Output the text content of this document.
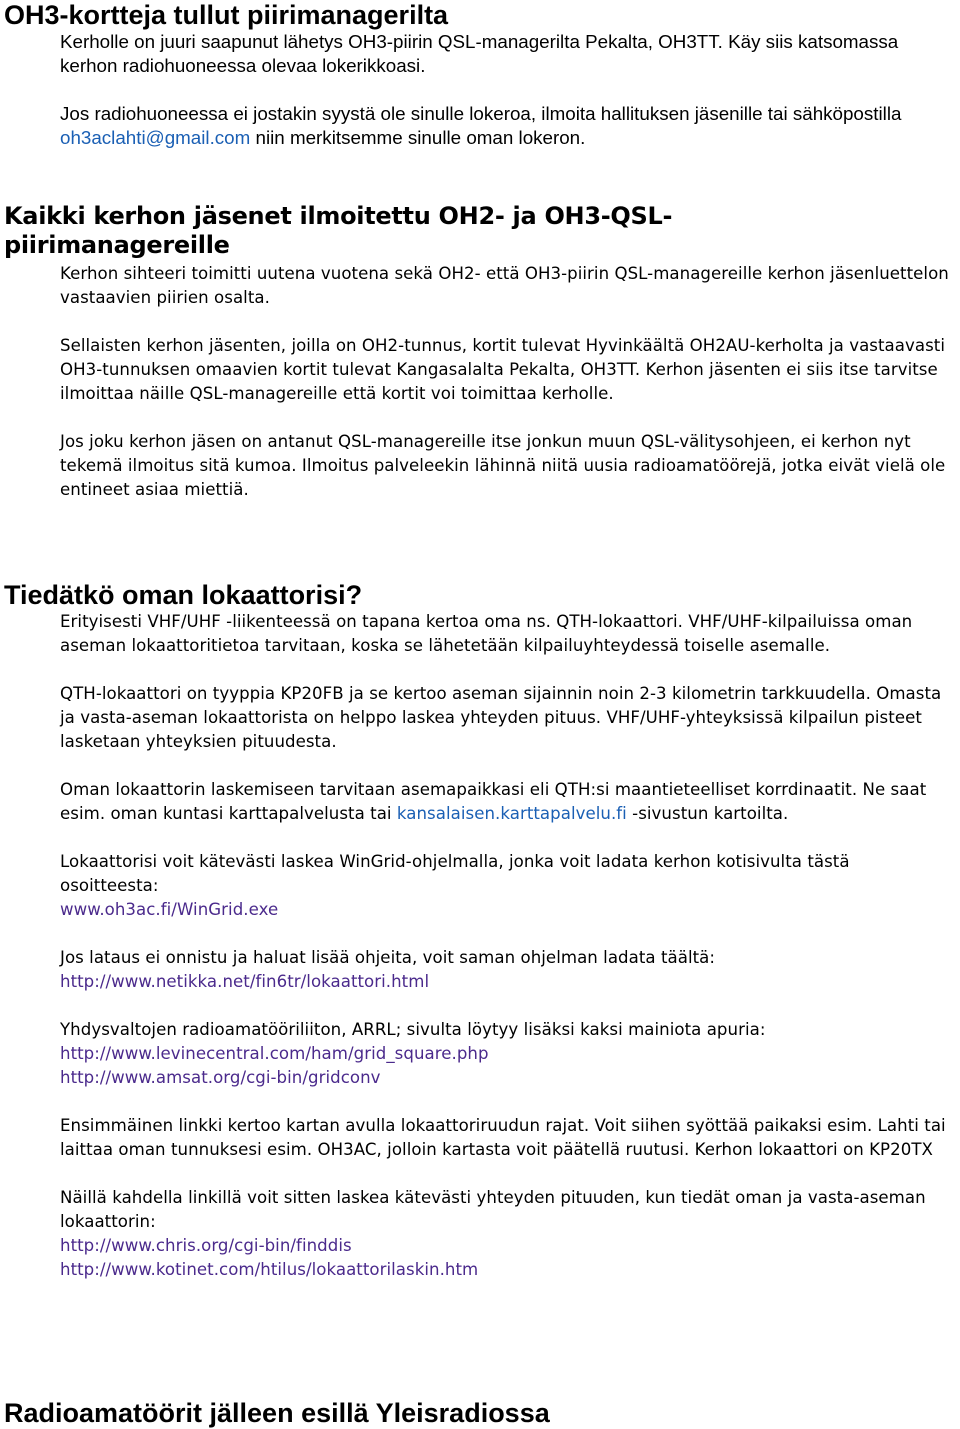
OH3-kortteja tullut piirimanagerilta

Kerholle on juuri saapunut lähetys OH3-piirin QSL-managerilta Pekalta, OH3TT. Käy siis katsomassa kerhon radiohuoneessa olevaa lokerikkoasi.

Jos radiohuoneessa ei jostakin syystä ole sinulle lokeroa, ilmoita hallituksen jäsenille tai sähköpostilla oh3aclahti@gmail.com niin merkitsemme sinulle oman lokeron.

Kaikki kerhon jäsenet ilmoitettu OH2- ja OH3-QSL-
piirimanagereille

Kerhon sihteeri toimitti uutena vuotena sekä OH2- että OH3-piirin QSL-managereille kerhon jäsenluettelon vastaavien piirien osalta.

Sellaisten kerhon jäsenten, joilla on OH2-tunnus, kortit tulevat Hyvinkäältä OH2AU-kerholta ja vastaavasti OH3-tunnuksen omaavien kortit tulevat Kangasalalta Pekalta, OH3TT. Kerhon jäsenten ei siis itse tarvitse ilmoittaa näille QSL-managereille että kortit voi toimittaa kerholle.

Jos joku kerhon jäsen on antanut QSL-managereille itse jonkun muun QSL-välitysohjeen, ei kerhon nyt tekemä ilmoitus sitä kumoa. Ilmoitus palveleekin lähinnä niitä uusia radioamatöörejä, jotka eivät vielä ole entineet asiaa miettiä.

Tiedätkö oman lokaattorisi?

Erityisesti VHF/UHF -liikenteessä on tapana kertoa oma ns. QTH-lokaattori. VHF/UHF-kilpailuissa oman aseman lokaattoritietoa tarvitaan, koska se lähetetään kilpailuyhteydessä toiselle asemalle.

QTH-lokaattori on tyyppia KP20FB ja se kertoo aseman sijainnin noin 2-3 kilometrin tarkkuudella. Omasta ja vasta-aseman lokaattorista on helppo laskea yhteyden pituus. VHF/UHF-yhteyksissä kilpailun pisteet lasketaan yhteyksien pituudesta.

Oman lokaattorin laskemiseen tarvitaan asemapaikkasi eli QTH:si maantieteelliset korrdinaatit. Ne saat esim. oman kuntasi karttapalvelusta tai kansalaisen.karttapalvelu.fi -sivustun kartoilta.

Lokaattorisi voit kätevästi laskea WinGrid-ohjelmalla, jonka voit ladata kerhon kotisivulta tästä osoitteesta:
www.oh3ac.fi/WinGrid.exe

Jos lataus ei onnistu ja haluat lisää ohjeita, voit saman ohjelman ladata täältä:
http://www.netikka.net/fin6tr/lokaattori.html

Yhdysvaltojen radioamatööriliiton, ARRL; sivulta löytyy lisäksi kaksi mainiota apuria:
http://www.levinecentral.com/ham/grid_square.php
http://www.amsat.org/cgi-bin/gridconv

Ensimmäinen linkki kertoo kartan avulla lokaattoriruudun rajat. Voit siihen syöttää paikaksi esim. Lahti tai laittaa oman tunnuksesi esim. OH3AC, jolloin kartasta voit päätellä ruutusi. Kerhon lokaattori on KP20TX

Näillä kahdella linkillä voit sitten laskea kätevästi yhteyden pituuden, kun tiedät oman ja vasta-aseman lokaattorin:
http://www.chris.org/cgi-bin/finddis
http://www.kotinet.com/htilus/lokaattorilaskin.htm

Radioamatöörit jälleen esillä Yleisradiossa
